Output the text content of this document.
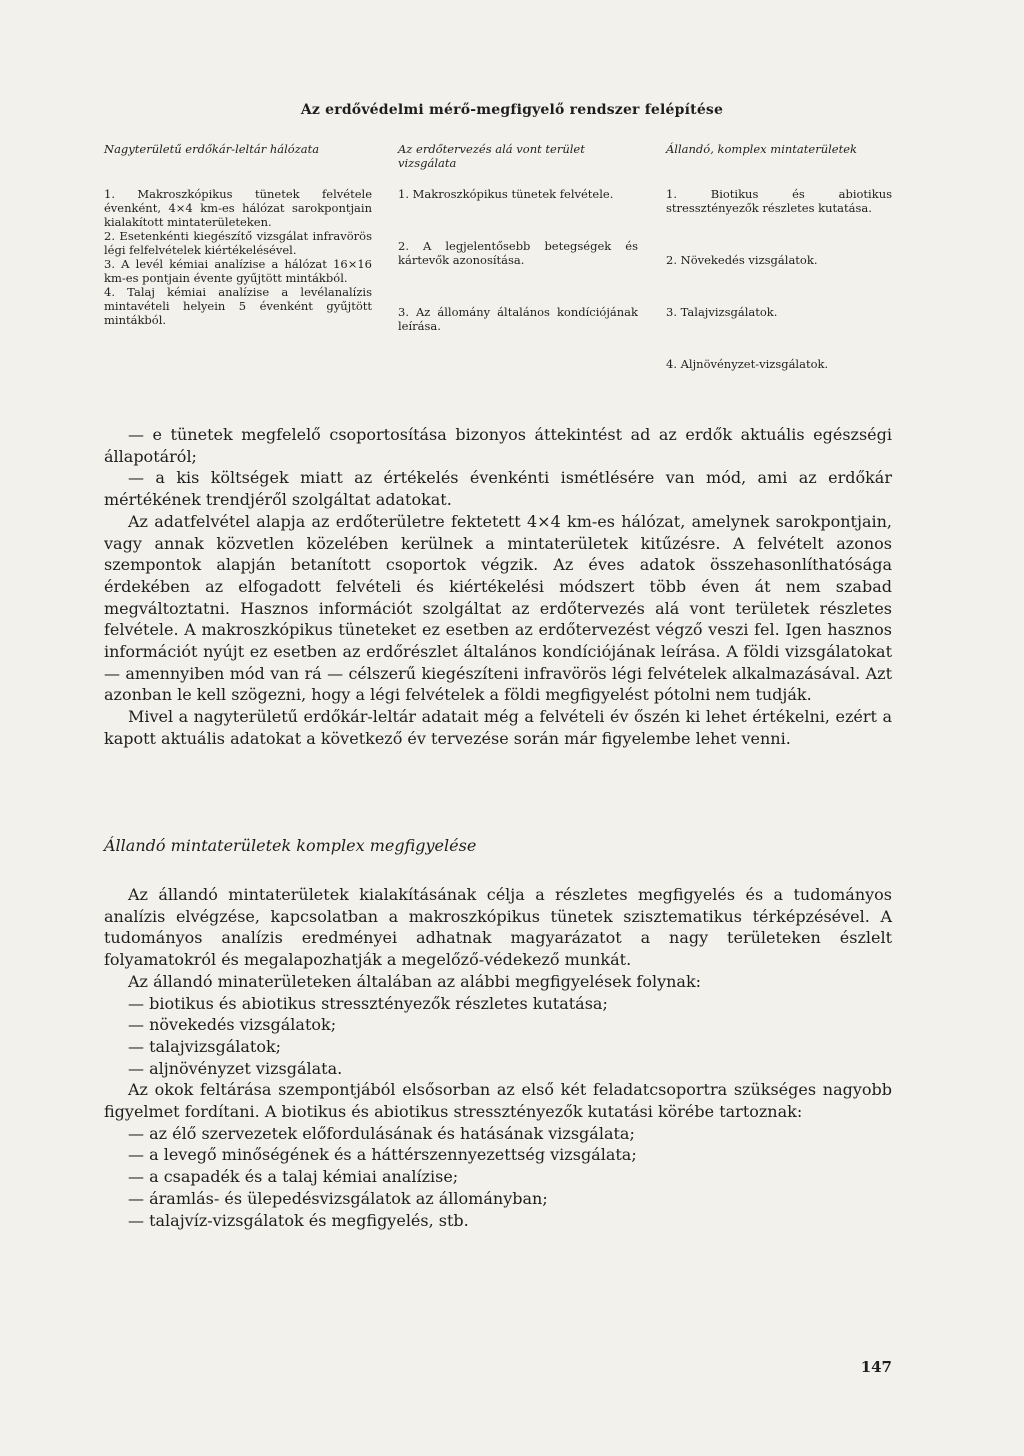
Az erdővédelmi mérő-megfigyelő rendszer felépítése
Nagyterületű erdőkár-leltár hálózata
1. Makroszkópikus tünetek felvétele évenként, 4×4 km-es hálózat sarokpontjain kialakított mintaterületeken.
2. Esetenkénti kiegészítő vizsgálat infravörös légi felfelvételek kiértékelésével.
3. A levél kémiai analízise a hálózat 16×16 km-es pontjain évente gyűjtött mintákból.
4. Talaj kémiai analízise a levélanalízis mintavételi helyein 5 évenként gyűjtött mintákból.
Az erdőtervezés alá vont terület vizsgálata
1. Makroszkópikus tünetek felvétele.
2. A legjelentősebb betegségek és kártevők azonosítása.
3. Az állomány általános kondíciójának leírása.
Állandó, komplex mintaterületek
1. Biotikus és abiotikus stressztényezők részletes kutatása.
2. Növekedés vizsgálatok.
3. Talajvizsgálatok.
4. Aljnövényzet-vizsgálatok.

— e tünetek megfelelő csoportosítása bizonyos áttekintést ad az erdők aktuális egészségi állapotáról;

— a kis költségek miatt az értékelés évenkénti ismétlésére van mód, ami az erdőkár mértékének trendjéről szolgáltat adatokat.

Az adatfelvétel alapja az erdőterületre fektetett 4×4 km-es hálózat, amelynek sarokpontjain, vagy annak közvetlen közelében kerülnek a mintaterületek kitűzésre. A felvételt azonos szempontok alapján betanított csoportok végzik. Az éves adatok összehasonlíthatósága érdekében az elfogadott felvételi és kiértékelési módszert több éven át nem szabad megváltoztatni. Hasznos információt szolgáltat az erdőtervezés alá vont területek részletes felvétele. A makroszkópikus tüneteket ez esetben az erdőtervezést végző veszi fel. Igen hasznos információt nyújt ez esetben az erdőrészlet általános kondíciójának leírása. A földi vizsgálatokat — amennyiben mód van rá — célszerű kiegészíteni infravörös légi felvételek alkalmazásával. Azt azonban le kell szögezni, hogy a légi felvételek a földi megfigyelést pótolni nem tudják.

Mivel a nagyterületű erdőkár-leltár adatait még a felvételi év őszén ki lehet értékelni, ezért a kapott aktuális adatokat a következő év tervezése során már figyelembe lehet venni.

Állandó mintaterületek komplex megfigyelése

Az állandó mintaterületek kialakításának célja a részletes megfigyelés és a tudományos analízis elvégzése, kapcsolatban a makroszkópikus tünetek szisztematikus térképzésével. A tudományos analízis eredményei adhatnak magyarázatot a nagy területeken észlelt folyamatokról és megalapozhatják a megelőző-védekező munkát.

Az állandó minaterületeken általában az alábbi megfigyelések folynak:

— biotikus és abiotikus stressztényezők részletes kutatása;

— növekedés vizsgálatok;

— talajvizsgálatok;

— aljnövényzet vizsgálata.

Az okok feltárása szempontjából elsősorban az első két feladatcsoportra szükséges nagyobb figyelmet fordítani. A biotikus és abiotikus stressztényezők kutatási körébe tartoznak:

— az élő szervezetek előfordulásának és hatásának vizsgálata;

— a levegő minőségének és a háttérszennyezettség vizsgálata;

— a csapadék és a talaj kémiai analízise;

— áramlás- és ülepedésvizsgálatok az állományban;

— talajvíz-vizsgálatok és megfigyelés, stb.

147
